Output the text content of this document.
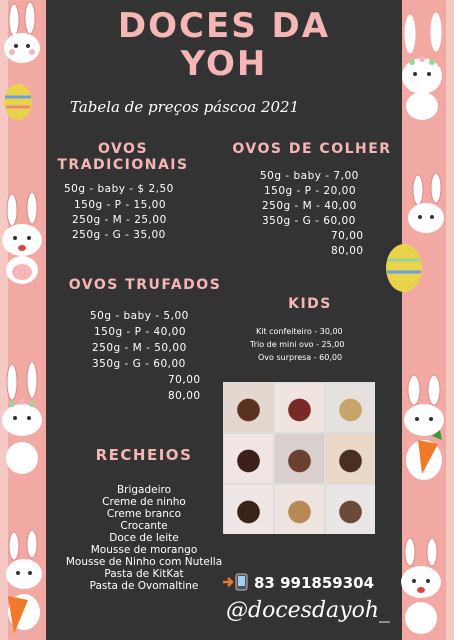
DOCES DA
YOH
Tabela de preços páscoa 2021
OVOS
TRADICIONAIS
50g - baby - $ 2,50
150g - P - 15,00
250g - M - 25,00
250g - G - 35,00
OVOS DE COLHER
50g - baby - 7,00
150g - P - 20,00
250g - M - 40,00
350g - G - 60,00
70,00
80,00
OVOS TRUFADOS
50g - baby - 5,00
150g - P - 40,00
250g - M - 50,00
350g - G - 60,00
70,00
80,00
KIDS
Kit confeiteiro - 30,00
Trio de mini ovo - 25,00
Ovo surpresa - 60,00
RECHEIOS
Brigadeiro
Creme de ninho
Creme branco
Crocante
Doce de leite
Mousse de morango
Mousse de Ninho com Nutella
Pasta de KitKat
Pasta de Ovomaltine	83 991859304
@docesdayoh_
